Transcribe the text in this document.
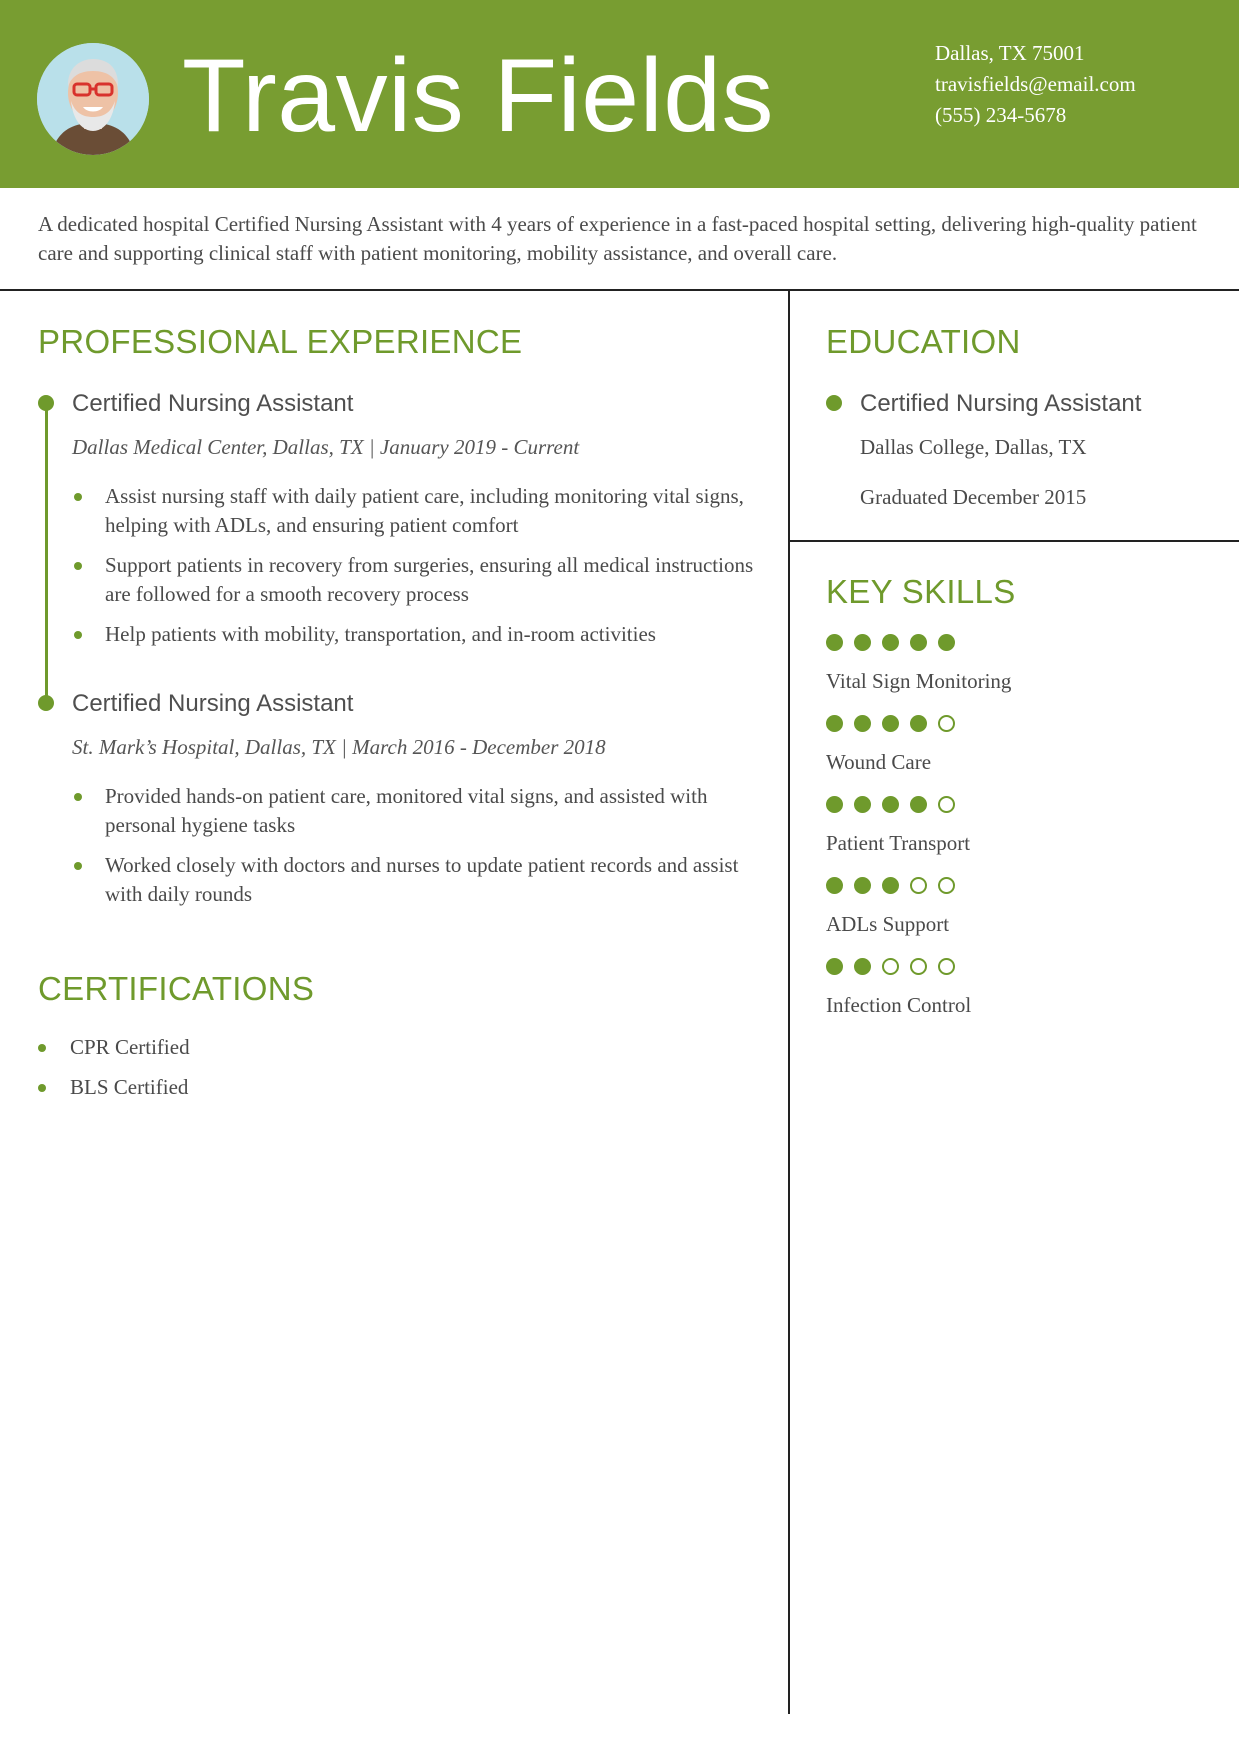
Travis Fields	Dallas, TX 75001
travisfields@email.com
(555) 234-5678
A dedicated hospital Certified Nursing Assistant with 4 years of experience in a fast-paced hospital setting, delivering high-quality patient care and supporting clinical staff with patient monitoring, mobility assistance, and overall care.
PROFESSIONAL EXPERIENCE
Certified Nursing Assistant
Dallas Medical Center, Dallas, TX | January 2019 - Current
Assist nursing staff with daily patient care, including monitoring vital signs, helping with ADLs, and ensuring patient comfort
Support patients in recovery from surgeries, ensuring all medical instructions are followed for a smooth recovery process
Help patients with mobility, transportation, and in-room activities
Certified Nursing Assistant
St. Mark’s Hospital, Dallas, TX | March 2016 - December 2018
Provided hands-on patient care, monitored vital signs, and assisted with personal hygiene tasks
Worked closely with doctors and nurses to update patient records and assist with daily rounds
CERTIFICATIONS
CPR Certified
BLS Certified
EDUCATION
Certified Nursing Assistant
Dallas College, Dallas, TX
Graduated December 2015
KEY SKILLS
Vital Sign Monitoring
Wound Care
Patient Transport
ADLs Support
Infection Control
